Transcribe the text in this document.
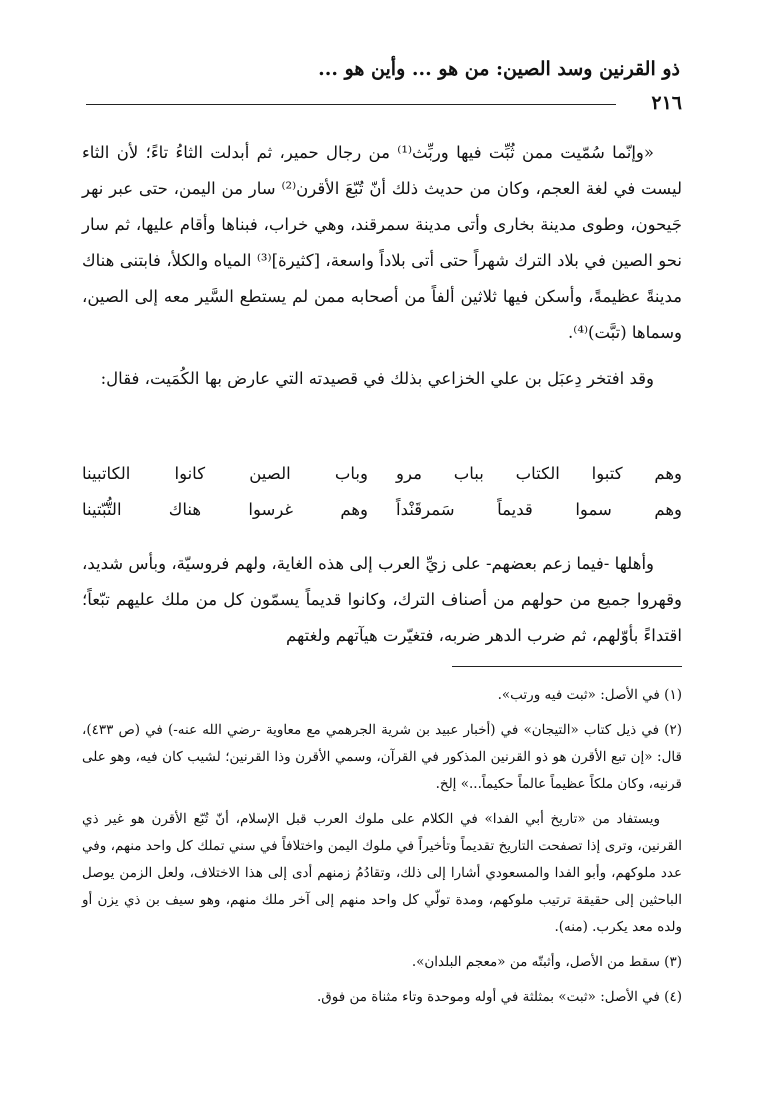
ذو القرنين وسد الصين: من هو ... وأين هو ...
٢١٦

«وإنّما سُمّيت ممن ثُبِّت فيها وربِّث⁽¹⁾ من رجال حمير، ثم أبدلت الثاءُ تاءً؛ لأن الثاء ليست في لغة العجم، وكان من حديث ذلك أنّ تُبّعَ الأقرن⁽²⁾ سار من اليمن، حتى عبر نهر جَيحون، وطوى مدينة بخارى وأتى مدينة سمرقند، وهي خراب، فبناها وأقام عليها، ثم سار نحو الصين في بلاد الترك شهراً حتى أتى بلاداً واسعة، [كثيرة]⁽³⁾ المياه والكلأ، فابتنى هناك مدينةً عظيمةً، وأسكن فيها ثلاثين ألفاً من أصحابه ممن لم يستطع السَّير معه إلى الصين، وسماها (تبَّت)⁽⁴⁾.

وقد افتخر دِعبَل بن علي الخزاعي بذلك في قصيدته التي عارض بها الكُمَيت، فقال:

وهم كتبوا الكتاب بباب مرو
وباب الصين كانوا الكاتبينا
وهم سموا قديماً سَمرقَنْداً
وهم غرسوا هناك التُّبّتينا

وأهلها -فيما زعم بعضهم- على زيِّ العرب إلى هذه الغاية، ولهم فروسيّة، وبأس شديد، وقهروا جميع من حولهم من أصناف الترك، وكانوا قديماً يسمّون كل من ملك عليهم تبّعاً؛ اقتداءً بأوّلهم، ثم ضرب الدهر ضربه، فتغيّرت هيآتهم ولغتهم

(١) في الأصل: «ثبت فيه ورتب».

(٢) في ذيل كتاب «التيجان» في (أخبار عبيد بن شرية الجرهمي مع معاوية -رضي الله عنه-) في (ص ٤٣٣)، قال: «إن تبع الأقرن هو ذو القرنين المذكور في القرآن، وسمي الأقرن وذا القرنين؛ لشيب كان فيه، وهو على قرنيه، وكان ملكاً عظيماً عالماً حكيماً...» إلخ.

ويستفاد من «تاريخ أبي الفدا» في الكلام على ملوك العرب قبل الإسلام، أنّ تُبّع الأقرن هو غير ذي القرنين، وترى إذا تصفحت التاريخ تقديماً وتأخيراً في ملوك اليمن واختلافاً في سني تملك كل واحد منهم، وفي عدد ملوكهم، وأبو الفدا والمسعودي أشارا إلى ذلك، وتقادُمُ زمنهم أدى إلى هذا الاختلاف، ولعل الزمن يوصل الباحثين إلى حقيقة ترتيب ملوكهم، ومدة تولّي كل واحد منهم إلى آخر ملك منهم، وهو سيف بن ذي يزن أو ولده معد يكرب. (منه).

(٣) سقط من الأصل، وأثبتّه من «معجم البلدان».

(٤) في الأصل: «ثبت» بمثلثة في أوله وموحدة وتاء مثناة من فوق.
